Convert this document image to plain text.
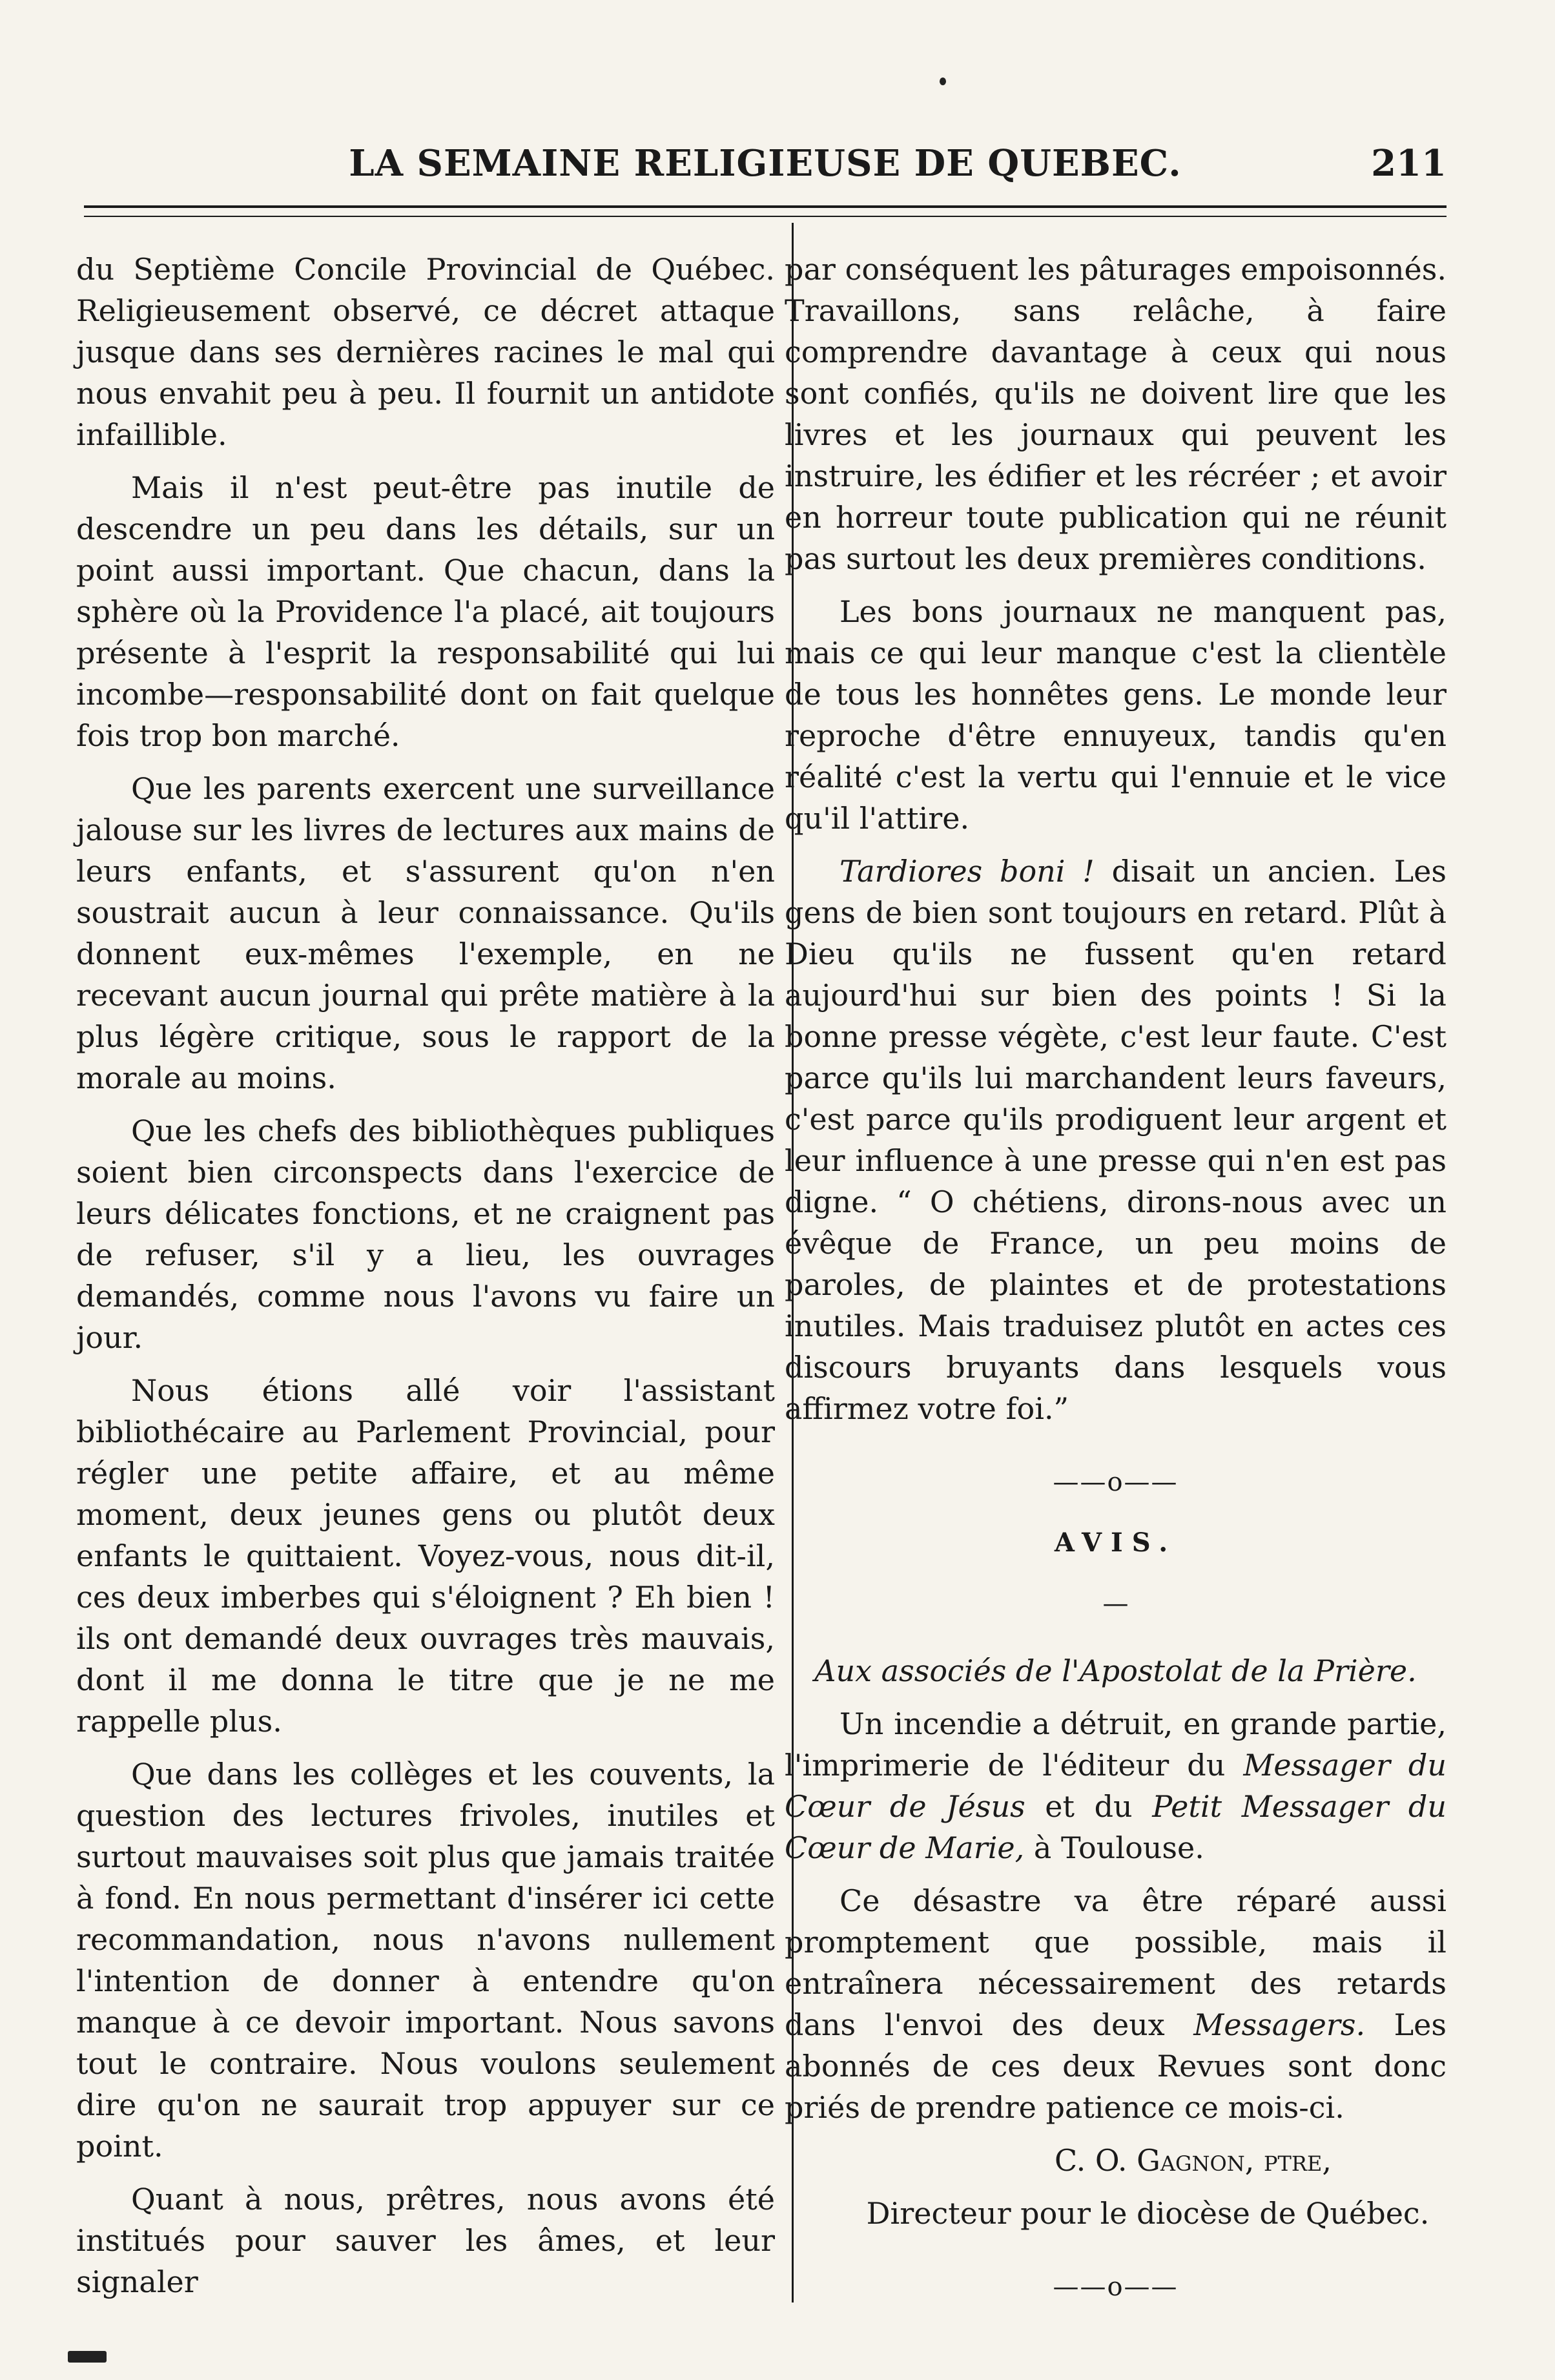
LA SEMAINE RELIGIEUSE DE QUEBEC.	211

du Septième Concile Provincial de Québec. Religieusement observé, ce décret attaque jusque dans ses dernières racines le mal qui nous envahit peu à peu. Il fournit un antidote infaillible.

Mais il n'est peut-être pas inutile de descendre un peu dans les détails, sur un point aussi important. Que chacun, dans la sphère où la Providence l'a placé, ait toujours présente à l'esprit la responsabilité qui lui incombe—responsabilité dont on fait quelque fois trop bon marché.

Que les parents exercent une surveillance jalouse sur les livres de lectures aux mains de leurs enfants, et s'assurent qu'on n'en soustrait aucun à leur connaissance. Qu'ils donnent eux-mêmes l'exemple, en ne recevant aucun journal qui prête matière à la plus légère critique, sous le rapport de la morale au moins.

Que les chefs des bibliothèques publiques soient bien circonspects dans l'exercice de leurs délicates fonctions, et ne craignent pas de refuser, s'il y a lieu, les ouvrages demandés, comme nous l'avons vu faire un jour.

Nous étions allé voir l'assistant bibliothécaire au Parlement Provincial, pour régler une petite affaire, et au même moment, deux jeunes gens ou plutôt deux enfants le quittaient. Voyez-vous, nous dit-il, ces deux imberbes qui s'éloignent ? Eh bien ! ils ont demandé deux ouvrages très mauvais, dont il me donna le titre que je ne me rappelle plus.

Que dans les collèges et les couvents, la question des lectures frivoles, inutiles et surtout mauvaises soit plus que jamais traitée à fond. En nous permettant d'insérer ici cette recommandation, nous n'avons nullement l'intention de donner à entendre qu'on manque à ce devoir important. Nous savons tout le contraire. Nous voulons seulement dire qu'on ne saurait trop appuyer sur ce point.

Quant à nous, prêtres, nous avons été institués pour sauver les âmes, et leur signaler

par conséquent les pâturages empoisonnés. Travaillons, sans relâche, à faire comprendre davantage à ceux qui nous sont confiés, qu'ils ne doivent lire que les livres et les journaux qui peuvent les instruire, les édifier et les récréer ; et avoir en horreur toute publication qui ne réunit pas surtout les deux premières conditions.

Les bons journaux ne manquent pas, mais ce qui leur manque c'est la clientèle de tous les honnêtes gens. Le monde leur reproche d'être ennuyeux, tandis qu'en réalité c'est la vertu qui l'ennuie et le vice qu'il l'attire.

Tardiores boni ! disait un ancien. Les gens de bien sont toujours en retard. Plût à Dieu qu'ils ne fussent qu'en retard aujourd'hui sur bien des points ! Si la bonne presse végète, c'est leur faute. C'est parce qu'ils lui marchandent leurs faveurs, c'est parce qu'ils prodiguent leur argent et leur influence à une presse qui n'en est pas digne. “ O chétiens, dirons-nous avec un évêque de France, un peu moins de paroles, de plaintes et de protestations inutiles. Mais traduisez plutôt en actes ces discours bruyants dans lesquels vous affirmez votre foi.”

——o——
AVIS.
—

Aux associés de l'Apostolat de la Prière.

Un incendie a détruit, en grande partie, l'imprimerie de l'éditeur du Messager du Cœur de Jésus et du Petit Messager du Cœur de Marie, à Toulouse.

Ce désastre va être réparé aussi promptement que possible, mais il entraînera nécessairement des retards dans l'envoi des deux Messagers. Les abonnés de ces deux Revues sont donc priés de prendre patience ce mois-ci.

C. O. Gagnon, ptre,

Directeur pour le diocèse de Québec.

——o——
